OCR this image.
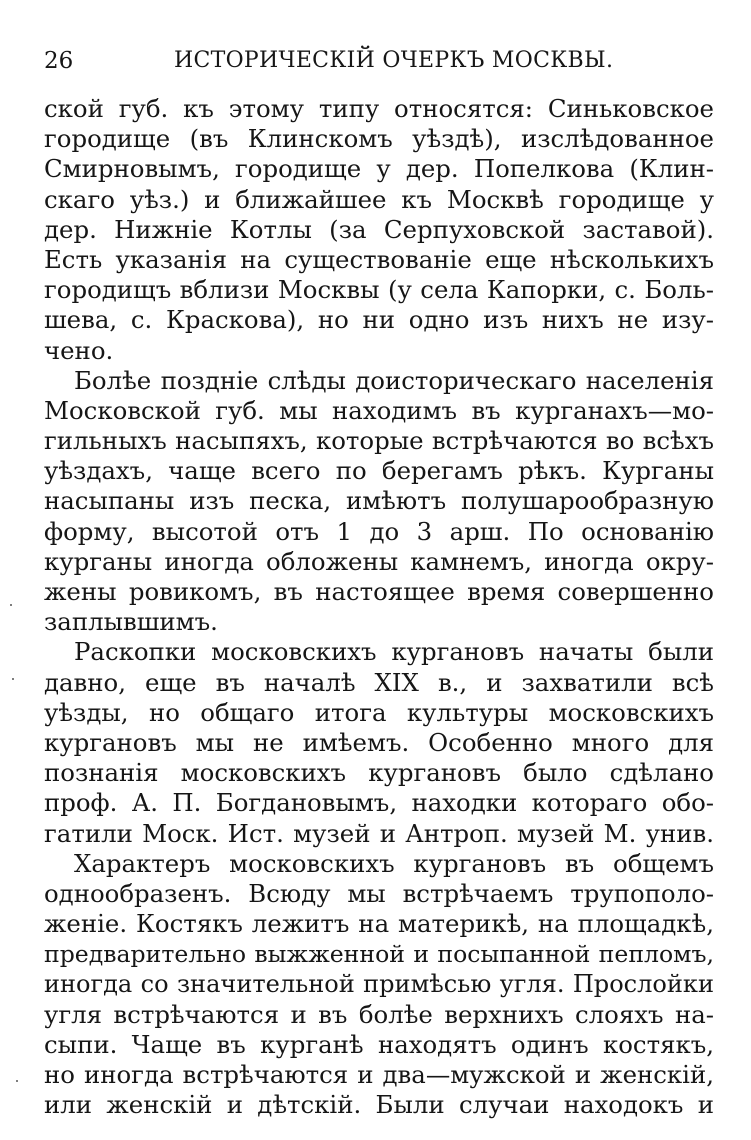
26	ИСТОРИЧЕСКІЙ ОЧЕРКЪ МОСКВЫ.

ской губ. къ этому типу относятся: Синьковское
городище (въ Клинскомъ уѣздѣ), изслѣдованное
Смирновымъ, городище у дер. Попелкова (Клин-
скаго уѣз.) и ближайшее къ Москвѣ городище у
дер. Нижніе Котлы (за Серпуховской заставой).
Есть указанія на существованіе еще нѣсколькихъ
городищъ вблизи Москвы (у села Капорки, с. Боль-
шева, с. Краскова), но ни одно изъ нихъ не изу-
чено.

Болѣе поздніе слѣды доисторическаго населенія
Московской губ. мы находимъ въ курганахъ—мо-
гильныхъ насыпяхъ, которые встрѣчаются во всѣхъ
уѣздахъ, чаще всего по берегамъ рѣкъ. Курганы
насыпаны изъ песка, имѣютъ полушарообразную
форму, высотой отъ 1 до 3 арш. По основанію
курганы иногда обложены камнемъ, иногда окру-
жены ровикомъ, въ настоящее время совершенно
заплывшимъ.

Раскопки московскихъ кургановъ начаты были
давно, еще въ началѣ XIX в., и захватили всѣ
уѣзды, но общаго итога культуры московскихъ
кургановъ мы не имѣемъ. Особенно много для
познанія московскихъ кургановъ было сдѣлано
проф. А. П. Богдановымъ, находки котораго обо-
гатили Моск. Ист. музей и Антроп. музей М. унив.

Характеръ московскихъ кургановъ въ общемъ
однообразенъ. Всюду мы встрѣчаемъ трупополо-
женіе. Костякъ лежитъ на материкѣ, на площадкѣ,
предварительно выжженной и посыпанной пепломъ,
иногда со значительной примѣсью угля. Прослойки
угля встрѣчаются и въ болѣе верхнихъ слояхъ на-
сыпи. Чаще въ курганѣ находятъ одинъ костякъ,
но иногда встрѣчаются и два—мужской и женскій,
или женскій и дѣтскій. Были случаи находокъ и
